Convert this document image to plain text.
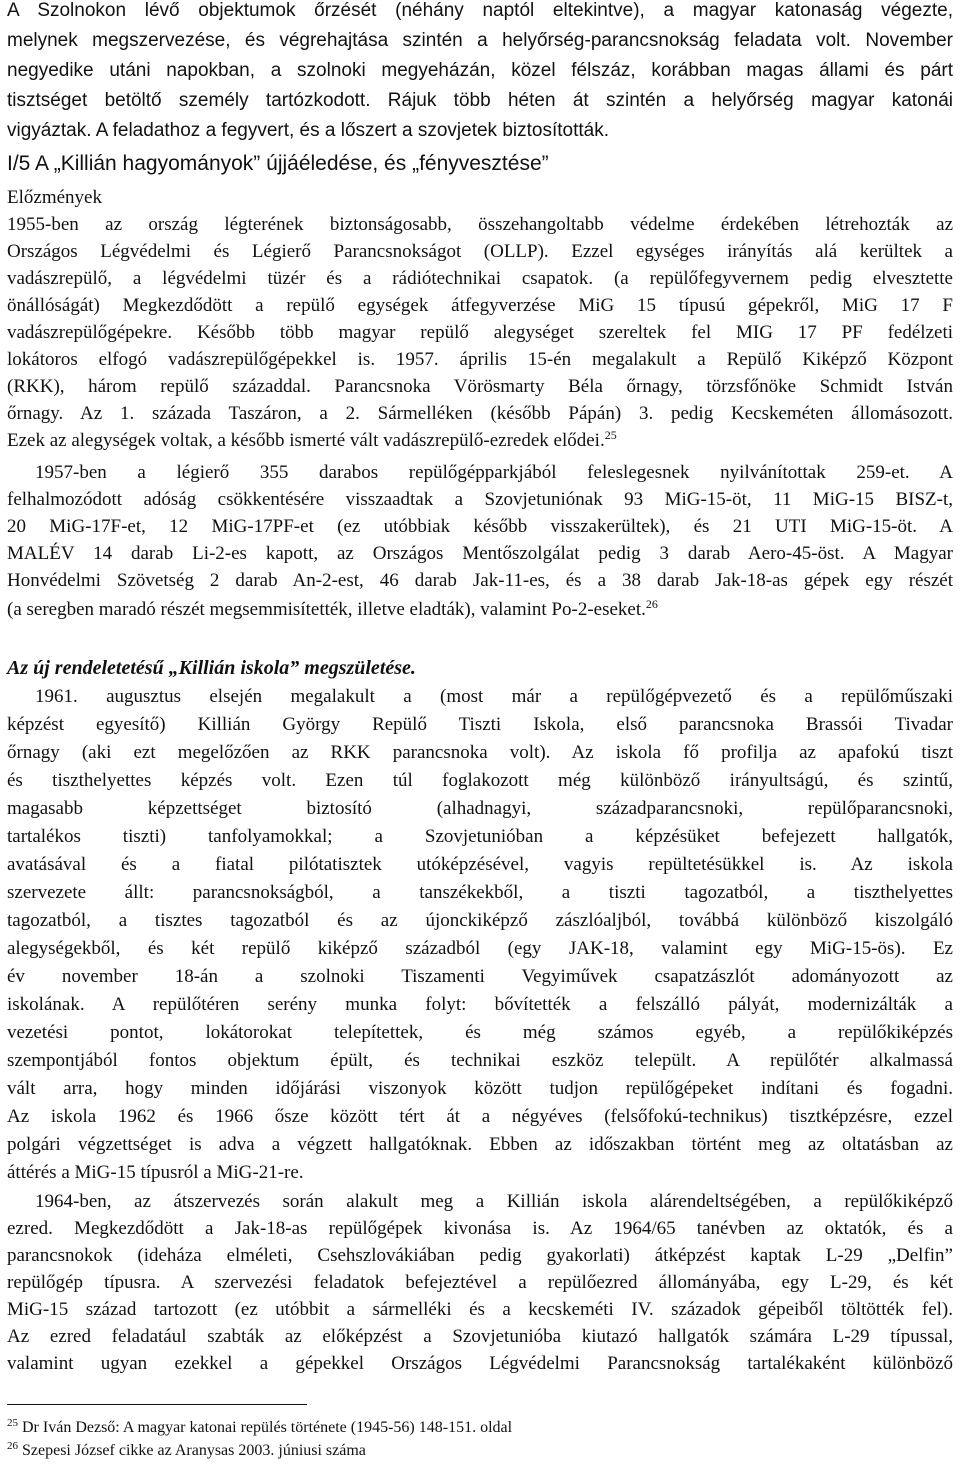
A Szolnokon lévő objektumok őrzését (néhány naptól eltekintve), a magyar katonaság végezte,
melynek megszervezése, és végrehajtása szintén a helyőrség-parancsnokság feladata volt. November
negyedike utáni napokban, a szolnoki megyeházán, közel félszáz, korábban magas állami és párt
tisztséget betöltő személy tartózkodott. Rájuk több héten át szintén a helyőrség magyar katonái
vigyáztak. A feladathoz a fegyvert, és a lőszert a szovjetek biztosították.
I/5 A „Killián hagyományok” újjáéledése, és „fényvesztése”
Előzmények
1955-ben az ország légterének biztonságosabb, összehangoltabb védelme érdekében létrehozták az
Országos Légvédelmi és Légierő Parancsnokságot (OLLP). Ezzel egységes irányítás alá kerültek a
vadászrepülő, a légvédelmi tüzér és a rádiótechnikai csapatok. (a repülőfegyvernem pedig elvesztette
önállóságát) Megkezdődött a repülő egységek átfegyverzése MiG 15 típusú gépekről, MiG 17 F
vadászrepülőgépekre. Később több magyar repülő alegységet szereltek fel MIG 17 PF fedélzeti
lokátoros elfogó vadászrepülőgépekkel is. 1957. április 15-én megalakult a Repülő Kiképző Központ
(RKK), három repülő századdal. Parancsnoka Vörösmarty Béla őrnagy, törzsfőnöke Schmidt István
őrnagy. Az 1. százada Taszáron, a 2. Sármelléken (később Pápán) 3. pedig Kecskeméten állomásozott.
Ezek az alegységek voltak, a később ismerté vált vadászrepülő-ezredek elődei.$^{25}$
1957-ben a légierő 355 darabos repülőgépparkjából feleslegesnek nyilvánítottak 259-et. A
felhalmozódott adóság csökkentésére visszaadtak a Szovjetuniónak 93 MiG-15-öt, 11 MiG-15 BISZ-t,
20 MiG-17F-et, 12 MiG-17PF-et (ez utóbbiak később visszakerültek), és 21 UTI MiG-15-öt. A
MALÉV 14 darab Li-2-es kapott, az Országos Mentőszolgálat pedig 3 darab Aero-45-öst. A Magyar
Honvédelmi Szövetség 2 darab An-2-est, 46 darab Jak-11-es, és a 38 darab Jak-18-as gépek egy részét
(a seregben maradó részét megsemmisítették, illetve eladták), valamint Po-2-eseket.$^{26}$
Az új rendeletetésű „Killián iskola” megszületése.
1961. augusztus elsején megalakult a (most már a repülőgépvezető és a repülőműszaki
képzést egyesítő) Killián György Repülő Tiszti Iskola, első parancsnoka Brassói Tivadar
őrnagy (aki ezt megelőzően az RKK parancsnoka volt). Az iskola fő profilja az apafokú tiszt
és tiszthelyettes képzés volt. Ezen túl foglakozott még különböző irányultságú, és szintű,
magasabb képzettséget biztosító (alhadnagyi, századparancsnoki, repülőparancsnoki,
tartalékos tiszti) tanfolyamokkal; a Szovjetunióban a képzésüket befejezett hallgatók,
avatásával és a fiatal pilótatisztek utóképzésével, vagyis repültetésükkel is. Az iskola
szervezete állt: parancsnokságból, a tanszékekből, a tiszti tagozatból, a tiszthelyettes
tagozatból, a tisztes tagozatból és az újonckiképző zászlóaljból, továbbá különböző kiszolgáló
alegységekből, és két repülő kiképző századból (egy JAK-18, valamint egy MiG-15-ös). Ez
év november 18-án a szolnoki Tiszamenti Vegyiművek csapatzászlót adományozott az
iskolának. A repülőtéren serény munka folyt: bővítették a felszálló pályát, modernizálták a
vezetési pontot, lokátorokat telepítettek, és még számos egyéb, a repülőkiképzés
szempontjából fontos objektum épült, és technikai eszköz települt. A repülőtér alkalmassá
vált arra, hogy minden időjárási viszonyok között tudjon repülőgépeket indítani és fogadni.
Az iskola 1962 és 1966 ősze között tért át a négyéves (felsőfokú-technikus) tisztképzésre, ezzel
polgári végzettséget is adva a végzett hallgatóknak. Ebben az időszakban történt meg az oltatásban az
áttérés a MiG-15 típusról a MiG-21-re.
1964-ben, az átszervezés során alakult meg a Killián iskola alárendeltségében, a repülőkiképző
ezred. Megkezdődött a Jak-18-as repülőgépek kivonása is. Az 1964/65 tanévben az oktatók, és a
parancsnokok (ideháza elméleti, Csehszlovákiában pedig gyakorlati) átképzést kaptak L-29 „Delfin”
repülőgép típusra. A szervezési feladatok befejeztével a repülőezred állományába, egy L-29, és két
MiG-15 század tartozott (ez utóbbit a sármelléki és a kecskeméti IV. századok gépeiből töltötték fel).
Az ezred feladatául szabták az előképzést a Szovjetunióba kiutazó hallgatók számára L-29 típussal,
valamint ugyan ezekkel a gépekkel Országos Légvédelmi Parancsnokság tartalékaként különböző
$^{25}$ Dr Iván Dezső: A magyar katonai repülés története (1945-56) 148-151. oldal
$^{26}$ Szepesi József cikke az Aranysas 2003. júniusi száma
